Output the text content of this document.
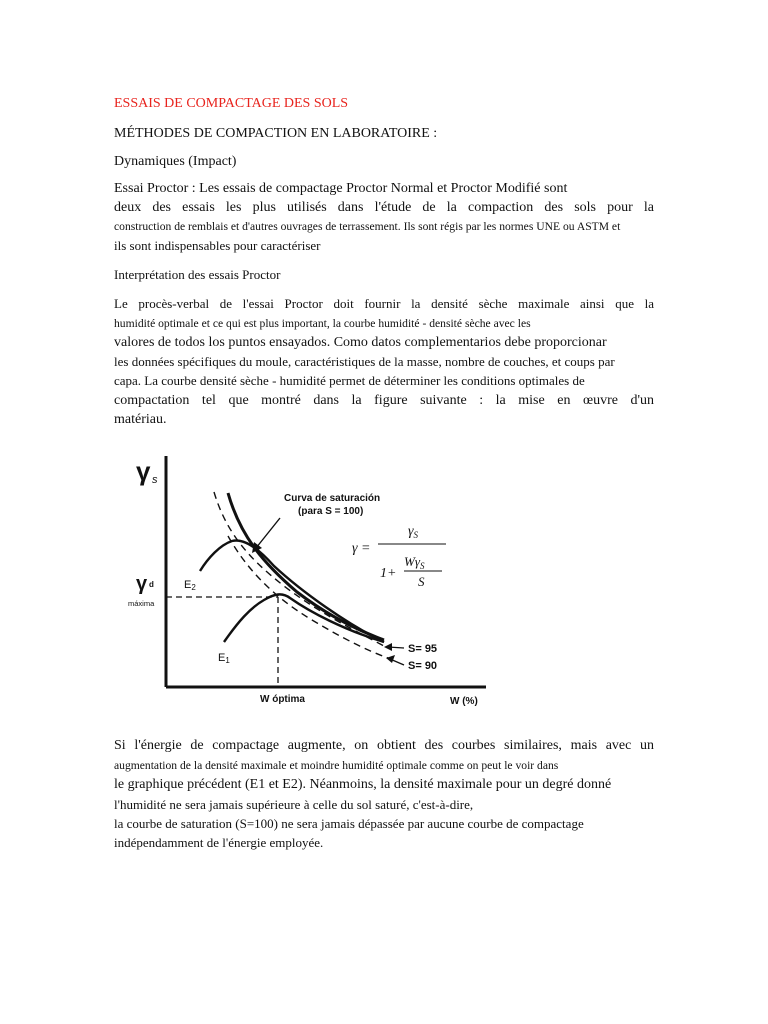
ESSAIS DE COMPACTAGE DES SOLS
MÉTHODES DE COMPACTION EN LABORATOIRE :
Dynamiques (Impact)
Essai Proctor : Les essais de compactage Proctor Normal et Proctor Modifié sont
deux des essais les plus utilisés dans l'étude de la compaction des sols pour la
construction de remblais et d'autres ouvrages de terrassement. Ils sont régis par les normes UNE ou ASTM et
ils sont indispensables pour caractériser
Interprétation des essais Proctor
Le procès-verbal de l'essai Proctor doit fournir la densité sèche maximale ainsi que la
humidité optimale et ce qui est plus important, la courbe humidité - densité sèche avec les
valores de todos los puntos ensayados. Como datos complementarios debe proporcionar
les données spécifiques du moule, caractéristiques de la masse, nombre de couches, et coups par
capa. La courbe densité sèche - humidité permet de déterminer les conditions optimales de
compactation tel que montré dans la figure suivante : la mise en œuvre d'un
matériau.
γ s
γ d
máxima
Curva de saturación
(para S = 100)
E2
E1
S= 95
S= 90
W óptima	W (%)
γ =
$\gamma_S$
1+
$W\gamma_S$
S
Si l'énergie de compactage augmente, on obtient des courbes similaires, mais avec un
augmentation de la densité maximale et moindre humidité optimale comme on peut le voir dans
le graphique précédent (E1 et E2). Néanmoins, la densité maximale pour un degré donné
l'humidité ne sera jamais supérieure à celle du sol saturé, c'est-à-dire,
la courbe de saturation (S=100) ne sera jamais dépassée par aucune courbe de compactage
indépendamment de l'énergie employée.
